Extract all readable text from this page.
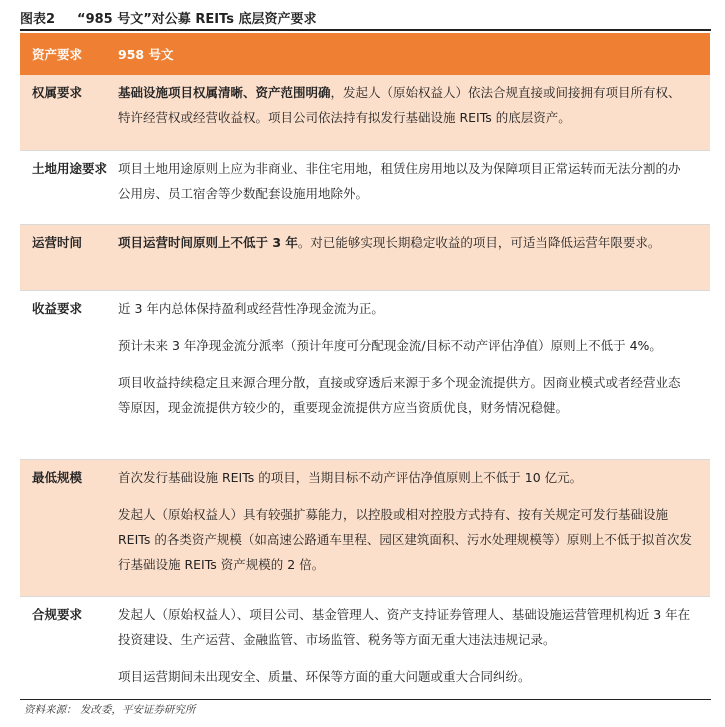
图表2 “985 号文”对公募 REITs 底层资产要求
资产要求	958 号文
权属要求	基础设施项目权属清晰、资产范围明确，发起人（原始权益人）依法合规直接或间接拥有项目所有权、特许经营权或经营收益权。项目公司依法持有拟发行基础设施 REITs 的底层资产。

土地用途要求	项目土地用途原则上应为非商业、非住宅用地，租赁住房用地以及为保障项目正常运转而无法分割的办公用房、员工宿舍等少数配套设施用地除外。

运营时间	项目运营时间原则上不低于 3 年。对已能够实现长期稳定收益的项目，可适当降低运营年限要求。

收益要求	近 3 年内总体保持盈利或经营性净现金流为正。

预计未来 3 年净现金流分派率（预计年度可分配现金流/目标不动产评估净值）原则上不低于 4%。

项目收益持续稳定且来源合理分散，直接或穿透后来源于多个现金流提供方。因商业模式或者经营业态等原因，现金流提供方较少的，重要现金流提供方应当资质优良，财务情况稳健。

最低规模	首次发行基础设施 REITs 的项目，当期目标不动产评估净值原则上不低于 10 亿元。

发起人（原始权益人）具有较强扩募能力，以控股或相对控股方式持有、按有关规定可发行基础设施 REITs 的各类资产规模（如高速公路通车里程、园区建筑面积、污水处理规模等）原则上不低于拟首次发行基础设施 REITs 资产规模的 2 倍。

合规要求	发起人（原始权益人）、项目公司、基金管理人、资产支持证券管理人、基础设施运营管理机构近 3 年在投资建设、生产运营、金融监管、市场监管、税务等方面无重大违法违规记录。

项目运营期间未出现安全、质量、环保等方面的重大问题或重大合同纠纷。

资料来源： 发改委，平安证券研究所
